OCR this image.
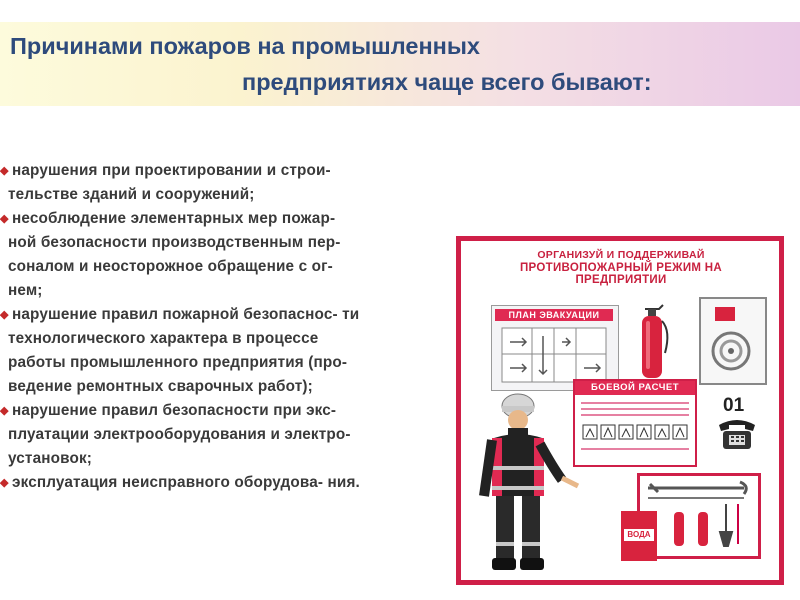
Причинами пожаров на промышленных
предприятиях чаще всего бывают:

◆ нарушения при проектировании и строи-

тельстве зданий и сооружений;

◆ несоблюдение элементарных мер пожар-

ной безопасности производственным пер-

соналом и неосторожное обращение с ог-

нем;

◆ нарушение правил пожарной безопаснос- ти

технологического характера в процессе

работы промышленного предприятия (про-

ведение ремонтных сварочных работ);

◆ нарушение правил безопасности при экс-

плуатации электрооборудования и электро-

установок;

◆ эксплуатация неисправного оборудова- ния.

ОРГАНИЗУЙ И ПОДДЕРЖИВАЙ
ПРОТИВОПОЖАРНЫЙ РЕЖИМ НА ПРЕДПРИЯТИИ
ПЛАН ЭВАКУАЦИИ
БОЕВОЙ РАСЧЕТ
01
ВОДА
